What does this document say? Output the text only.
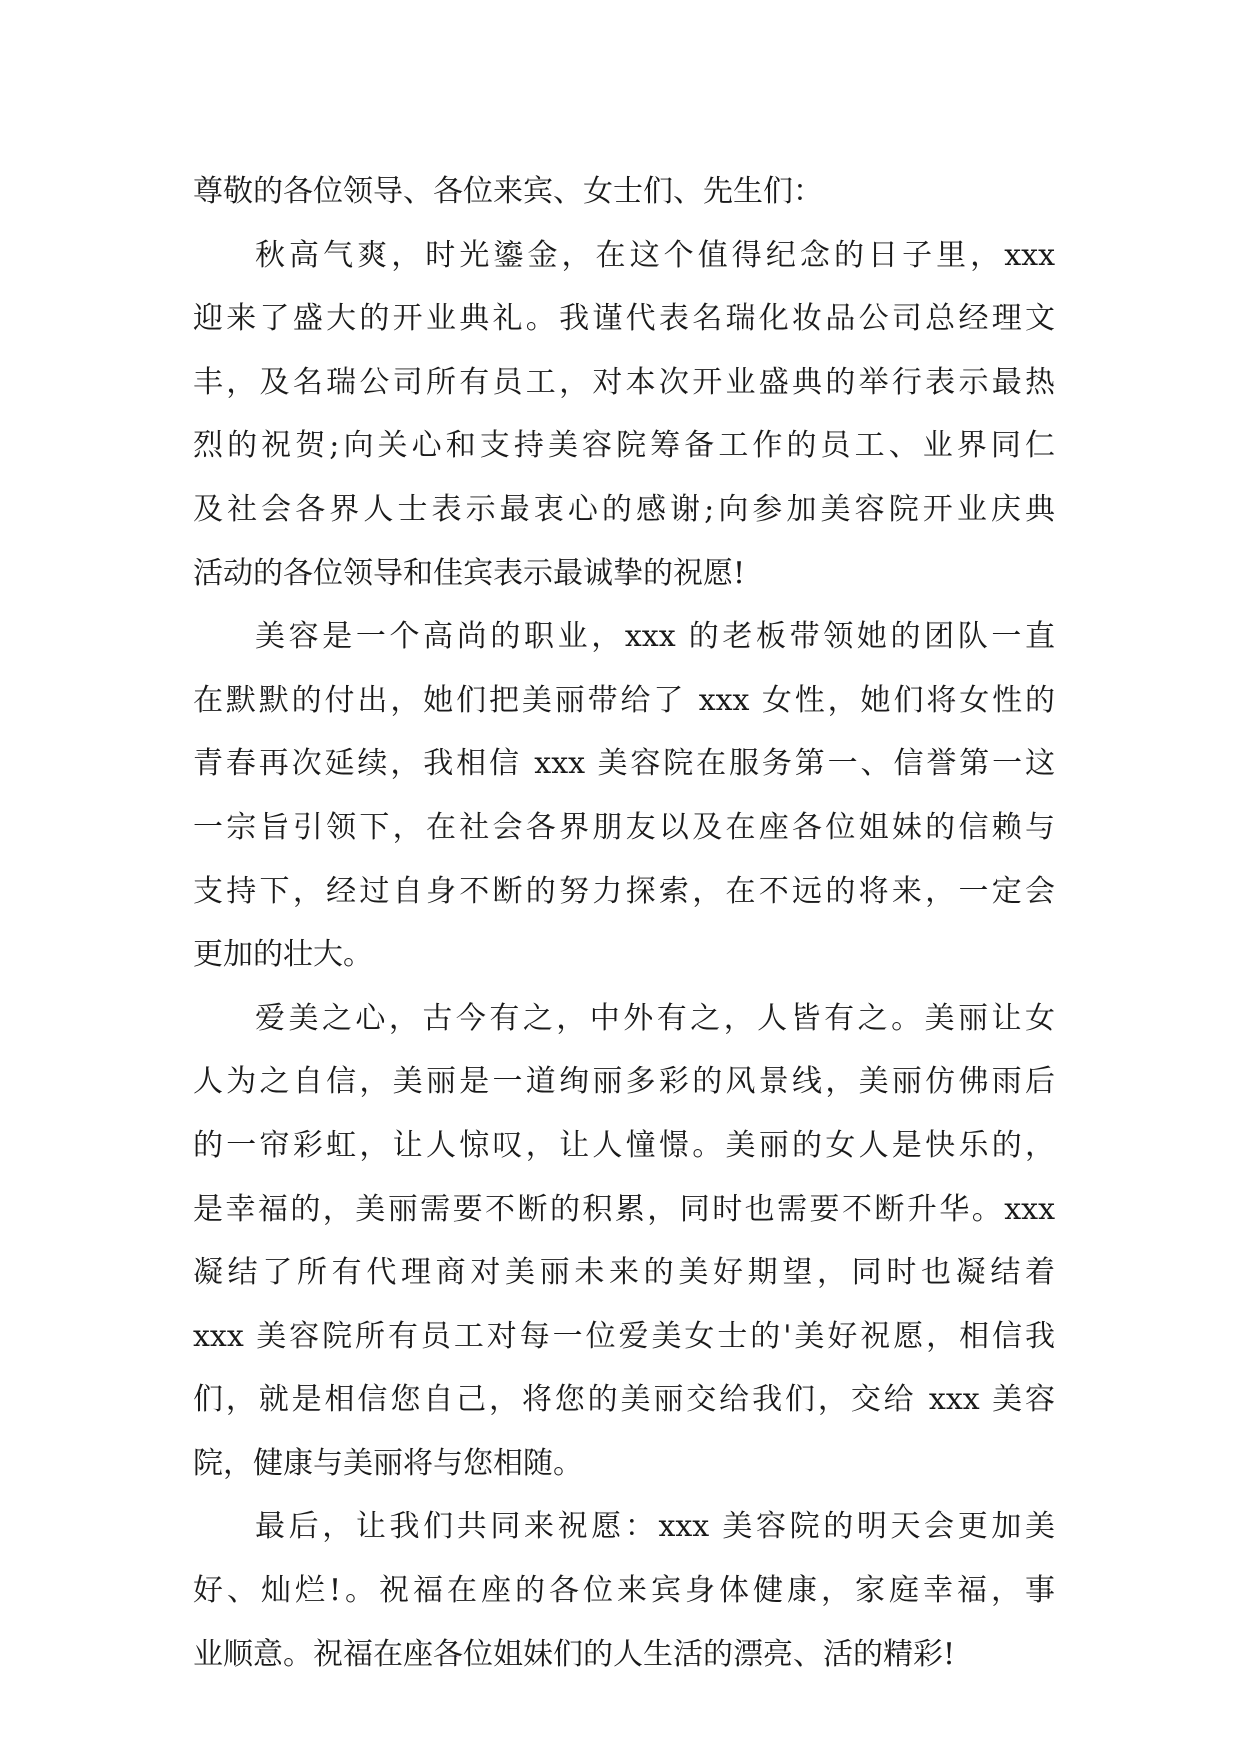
尊敬的各位领导、各位来宾、女士们、先生们：
秋高气爽，时光鎏金，在这个值得纪念的日子里，xxx
迎来了盛大的开业典礼。我谨代表名瑞化妆品公司总经理文
丰，及名瑞公司所有员工，对本次开业盛典的举行表示最热
烈的祝贺;向关心和支持美容院筹备工作的员工、业界同仁
及社会各界人士表示最衷心的感谢;向参加美容院开业庆典
活动的各位领导和佳宾表示最诚挚的祝愿!
美容是一个高尚的职业，xxx 的老板带领她的团队一直
在默默的付出，她们把美丽带给了 xxx 女性，她们将女性的
青春再次延续，我相信 xxx 美容院在服务第一、信誉第一这
一宗旨引领下，在社会各界朋友以及在座各位姐妹的信赖与
支持下，经过自身不断的努力探索，在不远的将来，一定会
更加的壮大。
爱美之心，古今有之，中外有之，人皆有之。美丽让女
人为之自信，美丽是一道绚丽多彩的风景线，美丽仿佛雨后
的一帘彩虹，让人惊叹，让人憧憬。美丽的女人是快乐的，
是幸福的，美丽需要不断的积累，同时也需要不断升华。xxx
凝结了所有代理商对美丽未来的美好期望，同时也凝结着
xxx 美容院所有员工对每一位爱美女士的'美好祝愿，相信我
们，就是相信您自己，将您的美丽交给我们，交给 xxx 美容
院，健康与美丽将与您相随。
最后，让我们共同来祝愿：xxx 美容院的明天会更加美
好、灿烂!。祝福在座的各位来宾身体健康，家庭幸福，事
业顺意。祝福在座各位姐妹们的人生活的漂亮、活的精彩!
